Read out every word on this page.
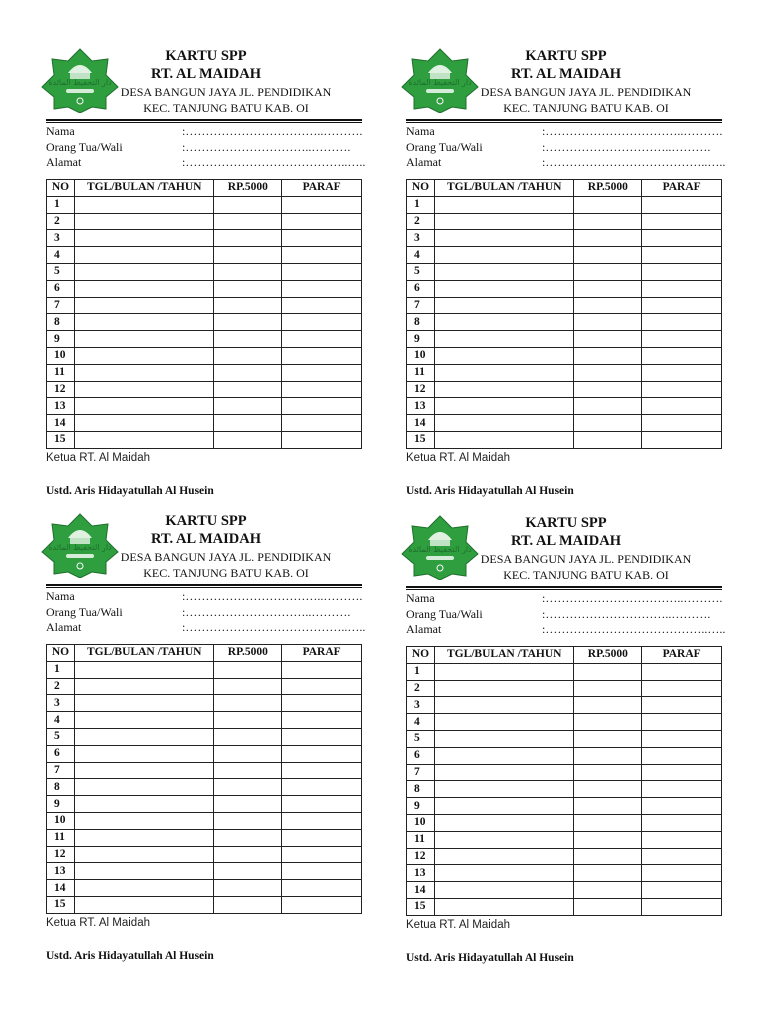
دار التحفيظ المائدة
KARTU SPP
RT. AL MAIDAH
DESA BANGUN JAYA JL. PENDIDIKAN
KEC. TANJUNG BATU KAB. OI
Nama	:……………………………..……….
Orang Tua/Wali	:…………………………..……….
Alamat	:…………………………………..…..
NO	TGL/BULAN /TAHUN	RP.5000	PARAF
1			
2			
3			
4			
5			
6			
7			
8			
9			
10			
11			
12			
13			
14			
15			
Ketua RT. Al Maidah
Ustd. Aris Hidayatullah Al Husein
دار التحفيظ المائدة
KARTU SPP
RT. AL MAIDAH
DESA BANGUN JAYA JL. PENDIDIKAN
KEC. TANJUNG BATU KAB. OI
Nama	:……………………………..……….
Orang Tua/Wali	:…………………………..……….
Alamat	:…………………………………..…..
NO	TGL/BULAN /TAHUN	RP.5000	PARAF
1			
2			
3			
4			
5			
6			
7			
8			
9			
10			
11			
12			
13			
14			
15			
Ketua RT. Al Maidah
Ustd. Aris Hidayatullah Al Husein
دار التحفيظ المائدة
KARTU SPP
RT. AL MAIDAH
DESA BANGUN JAYA JL. PENDIDIKAN
KEC. TANJUNG BATU KAB. OI
Nama	:……………………………..……….
Orang Tua/Wali	:…………………………..……….
Alamat	:…………………………………..…..
NO	TGL/BULAN /TAHUN	RP.5000	PARAF
1			
2			
3			
4			
5			
6			
7			
8			
9			
10			
11			
12			
13			
14			
15			
Ketua RT. Al Maidah
Ustd. Aris Hidayatullah Al Husein
دار التحفيظ المائدة
KARTU SPP
RT. AL MAIDAH
DESA BANGUN JAYA JL. PENDIDIKAN
KEC. TANJUNG BATU KAB. OI
Nama	:……………………………..……….
Orang Tua/Wali	:…………………………..……….
Alamat	:…………………………………..…..
NO	TGL/BULAN /TAHUN	RP.5000	PARAF
1			
2			
3			
4			
5			
6			
7			
8			
9			
10			
11			
12			
13			
14			
15			
Ketua RT. Al Maidah
Ustd. Aris Hidayatullah Al Husein
